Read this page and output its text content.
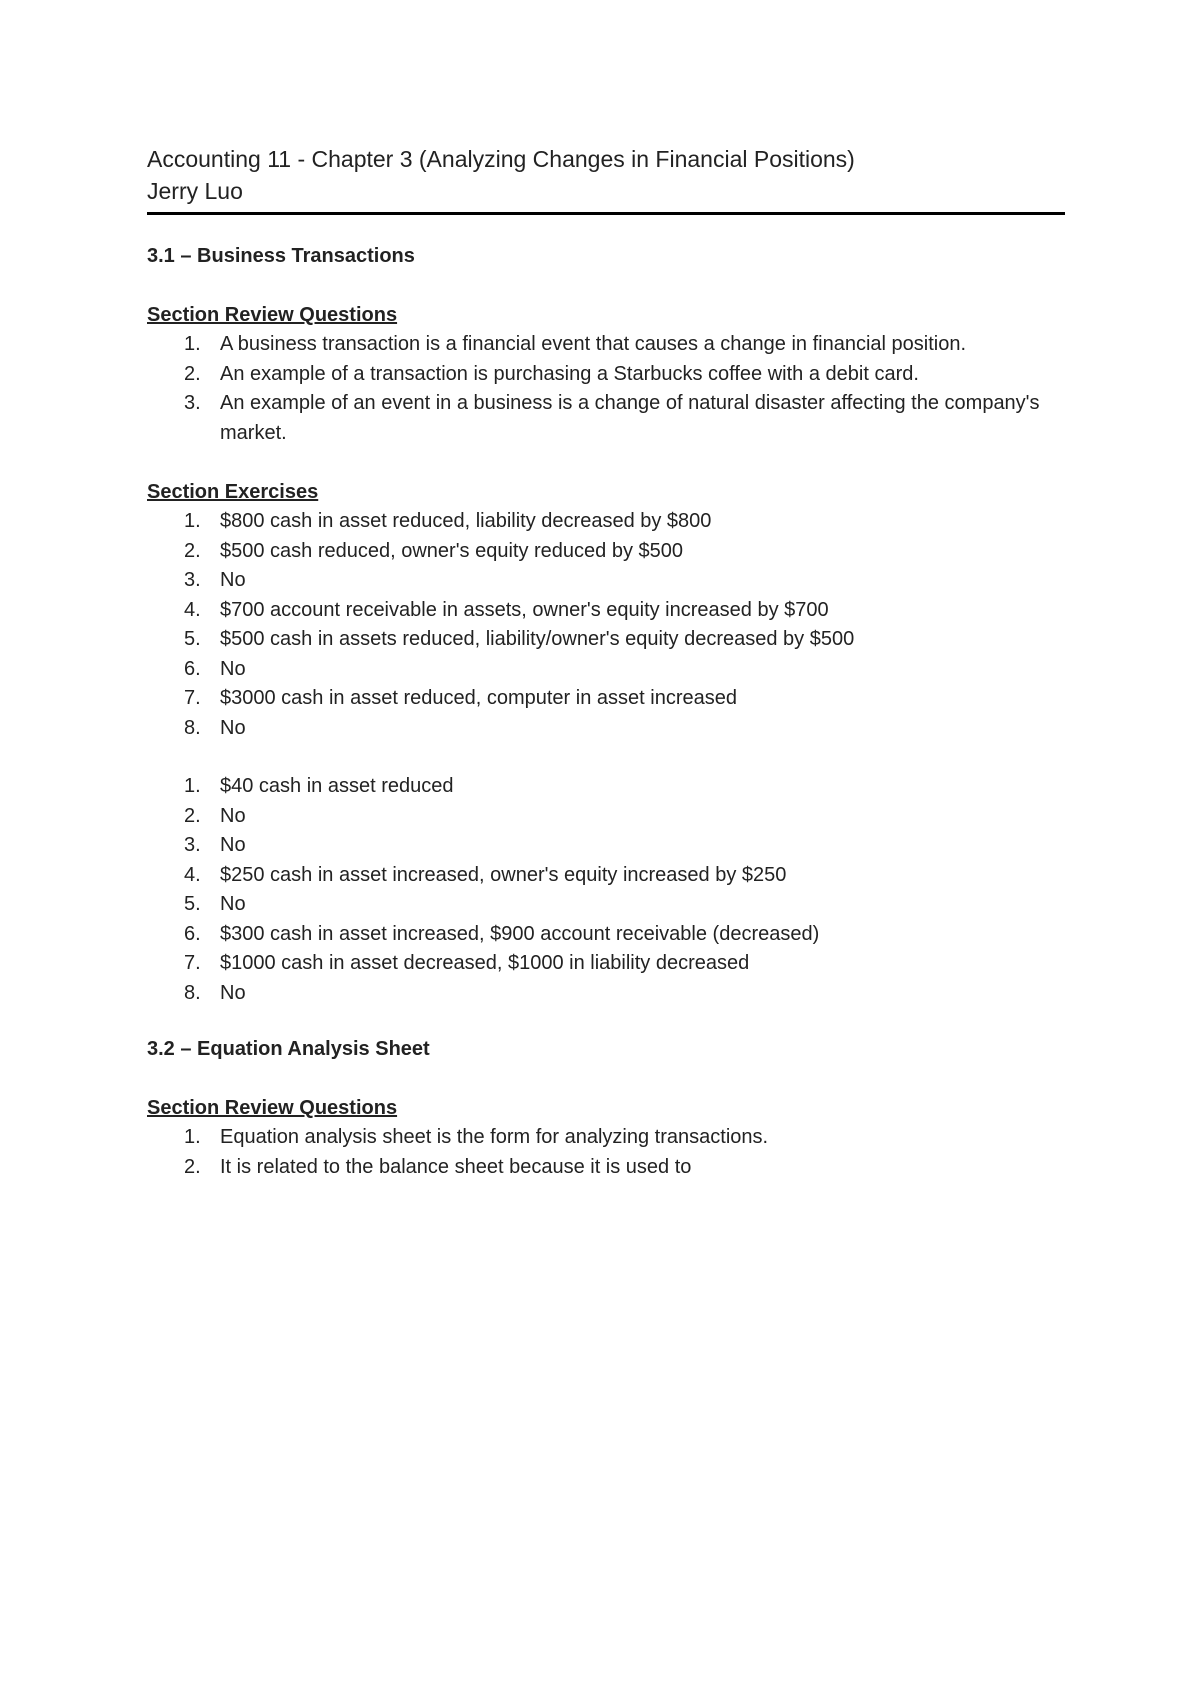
Accounting 11 - Chapter 3 (Analyzing Changes in Financial Positions)
Jerry Luo
3.1 – Business Transactions
Section Review Questions
1. A business transaction is a financial event that causes a change in financial position.
2. An example of a transaction is purchasing a Starbucks coffee with a debit card.
3. An example of an event in a business is a change of natural disaster affecting the company's market.
Section Exercises
1. $800 cash in asset reduced, liability decreased by $800
2. $500 cash reduced, owner's equity reduced by $500
3. No
4. $700 account receivable in assets, owner's equity increased by $700
5. $500 cash in assets reduced, liability/owner's equity decreased by $500
6. No
7. $3000 cash in asset reduced, computer in asset increased
8. No
1. $40 cash in asset reduced
2. No
3. No
4. $250 cash in asset increased, owner's equity increased by $250
5. No
6. $300 cash in asset increased, $900 account receivable (decreased)
7. $1000 cash in asset decreased, $1000 in liability decreased
8. No
3.2 – Equation Analysis Sheet
Section Review Questions
1. Equation analysis sheet is the form for analyzing transactions.
2. It is related to the balance sheet because it is used to
